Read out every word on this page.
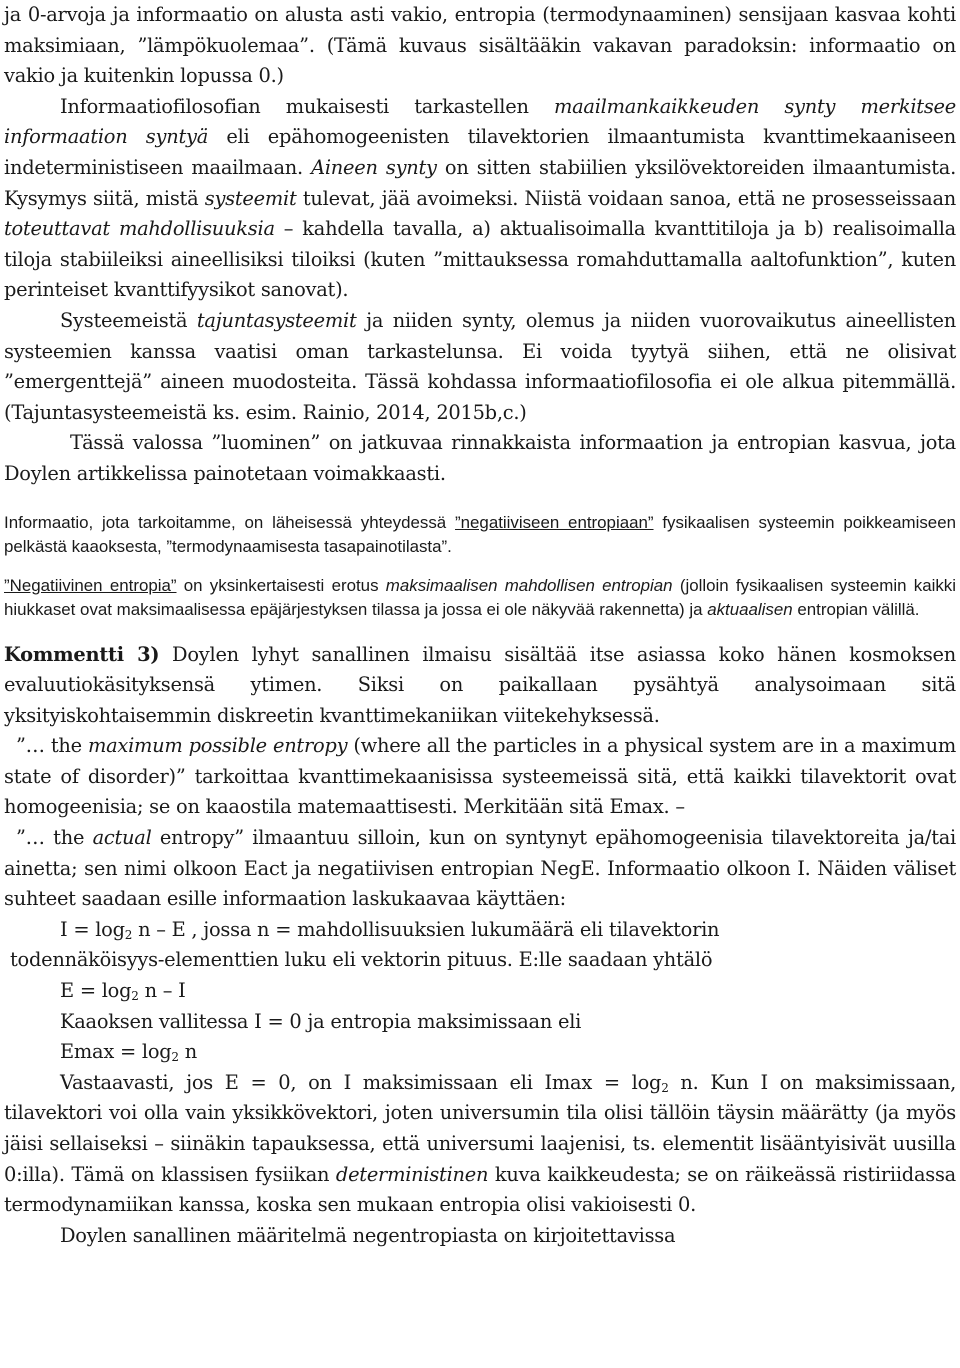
ja 0-arvoja ja informaatio on alusta asti vakio, entropia (termodynaaminen) sensijaan kasvaa kohti maksimiaan, ”lämpökuolemaa”. (Tämä kuvaus sisältääkin vakavan paradoksin: informaatio on vakio ja kuitenkin lopussa 0.)

Informaatiofilosofian mukaisesti tarkastellen maailmankaikkeuden synty merkitsee informaation syntyä eli epähomogeenisten tilavektorien ilmaantumista kvanttimekaaniseen indeterministiseen maailmaan. Aineen synty on sitten stabiilien yksilövektoreiden ilmaantumista. Kysymys siitä, mistä systeemit tulevat, jää avoimeksi. Niistä voidaan sanoa, että ne prosesseissaan toteuttavat mahdollisuuksia – kahdella tavalla, a) aktualisoimalla kvanttitiloja ja b) realisoimalla tiloja stabiileiksi aineellisiksi tiloiksi (kuten ”mittauksessa romahduttamalla aaltofunktion”, kuten perinteiset kvanttifyysikot sanovat).

Systeemeistä tajuntasysteemit ja niiden synty, olemus ja niiden vuorovaikutus aineellisten systeemien kanssa vaatisi oman tarkastelunsa. Ei voida tyytyä siihen, että ne olisivat ”emergenttejä” aineen muodosteita. Tässä kohdassa informaatiofilosofia ei ole alkua pitemmällä. (Tajuntasysteemeistä ks. esim. Rainio, 2014, 2015b,c.)

Tässä valossa ”luominen” on jatkuvaa rinnakkaista informaation ja entropian kasvua, jota Doylen artikkelissa painotetaan voimakkaasti.

Informaatio, jota tarkoitamme, on läheisessä yhteydessä ”negatiiviseen entropiaan” fysikaalisen systeemin poikkeamiseen pelkästä kaaoksesta, ”termodynaamisesta tasapainotilasta”.

”Negatiivinen entropia” on yksinkertaisesti erotus maksimaalisen mahdollisen entropian (jolloin fysikaalisen systeemin kaikki hiukkaset ovat maksimaalisessa epäjärjestyksen tilassa ja jossa ei ole näkyvää rakennetta) ja aktuaalisen entropian välillä.

Kommentti 3) Doylen lyhyt sanallinen ilmaisu sisältää itse asiassa koko hänen kosmoksen evaluutiokäsityksensä ytimen. Siksi on paikallaan pysähtyä analysoimaan sitä yksityiskohtaisemmin diskreetin kvanttimekaniikan viitekehyksessä.

”… the maximum possible entropy (where all the particles in a physical system are in a maximum state of disorder)” tarkoittaa kvanttimekaanisissa systeemeissä sitä, että kaikki tilavektorit ovat homogeenisia; se on kaaostila matemaattisesti. Merkitään sitä Emax. –

”… the actual entropy” ilmaantuu silloin, kun on syntynyt epähomogeenisia tilavektoreita ja/tai ainetta; sen nimi olkoon Eact ja negatiivisen entropian NegE. Informaatio olkoon I. Näiden väliset suhteet saadaan esille informaation laskukaavaa käyttäen:

$I = \log_2 n - E$ , jossa n = mahdollisuuksien lukumäärä eli tilavektorin

todennäköisyys-elementtien luku eli vektorin pituus. E:lle saadaan yhtälö

$E = \log_2 n - I$

Kaaoksen vallitessa I = 0 ja entropia maksimissaan eli

$Emax = \log_2 n$

Vastaavasti, jos E = 0, on I maksimissaan eli $Imax = \log_2 n$. Kun I on maksimissaan, tilavektori voi olla vain yksikkövektori, joten universumin tila olisi tällöin täysin määrätty (ja myös jäisi sellaiseksi – siinäkin tapauksessa, että universumi laajenisi, ts. elementit lisääntyisivät uusilla 0:illa). Tämä on klassisen fysiikan deterministinen kuva kaikkeudesta; se on räikeässä ristiriidassa termodynamiikan kanssa, koska sen mukaan entropia olisi vakioisesti 0.

Doylen sanallinen määritelmä negentropiasta on kirjoitettavissa
